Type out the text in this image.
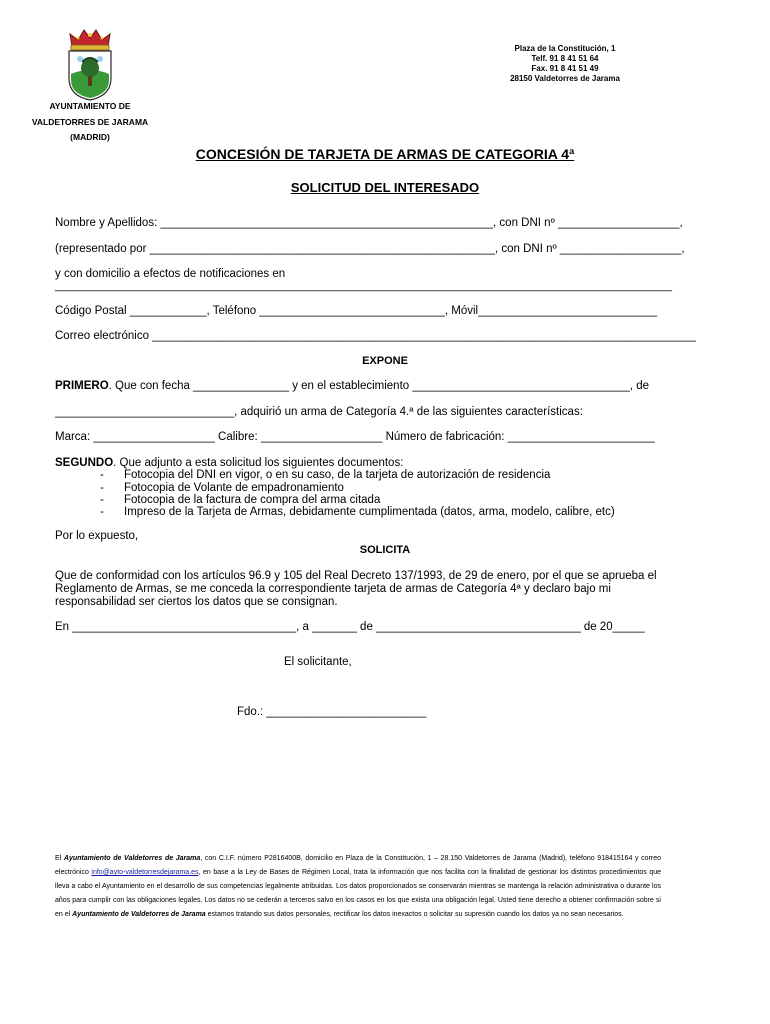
Plaza de la Constitución, 1
Telf. 91 8 41 51 64
Fax. 91 8 41 51 49
28150 Valdetorres de Jarama
AYUNTAMIENTO DE
VALDETORRES DE JARAMA
(MADRID)
CONCESIÓN DE TARJETA DE ARMAS DE CATEGORIA 4ª
SOLICITUD DEL INTERESADO
Nombre y Apellidos: ____________________________________________________, con DNI nº ___________________,
(representado por ______________________________________________________, con DNI nº ___________________,
y con domicilio a efectos de notificaciones en
__________________________________________________________________________________________________________
Código Postal ____________, Teléfono _____________________________, Móvil____________________________
Correo electrónico _____________________________________________________________________________________
EXPONE
PRIMERO. Que con fecha _______________ y en el establecimiento __________________________________, de
____________________________, adquirió un arma de Categoría 4.ª de las siguientes características:
Marca: ___________________ Calibre: ___________________ Número de fabricación: _______________________
SEGUNDO. Que adjunto a esta solicitud los siguientes documentos:
- Fotocopia del DNI en vigor, o en su caso, de la tarjeta de autorización de residencia
- Fotocopia de Volante de empadronamiento
- Fotocopia de la factura de compra del arma citada
- Impreso de la Tarjeta de Armas, debidamente cumplimentada (datos, arma, modelo, calibre, etc)
Por lo expuesto,
SOLICITA
Que de conformidad con los artículos 96.9 y 105 del Real Decreto 137/1993, de 29 de enero, por el que se aprueba el Reglamento de Armas, se me conceda la correspondiente tarjeta de armas de Categoría 4ª y declaro bajo mi responsabilidad ser ciertos los datos que se consignan.
En ___________________________________, a _______ de ________________________________ de 20_____
El solicitante,
Fdo.: _________________________
El Ayuntamiento de Valdetorres de Jarama, con C.I.F. número P2816400B, domicilio en Plaza de la Constitución, 1 – 28.150 Valdetorres de Jarama (Madrid), teléfono 918415164 y correo electrónico info@ayto-valdetorresdejarama.es, en base a la Ley de Bases de Régimen Local, trata la información que nos facilita con la finalidad de gestionar los distintos procedimientos que lleva a cabo el Ayuntamiento en el desarrollo de sus competencias legalmente atribuidas. Los datos proporcionados se conservarán mientras se mantenga la relación administrativa o durante los años para cumplir con las obligaciones legales. Los datos no se cederán a terceros salvo en los casos en los que exista una obligación legal. Usted tiene derecho a obtener confirmación sobre si en el Ayuntamiento de Valdetorres de Jarama estamos tratando sus datos personales, rectificar los datos inexactos o solicitar su supresión cuando los datos ya no sean necesarios.
